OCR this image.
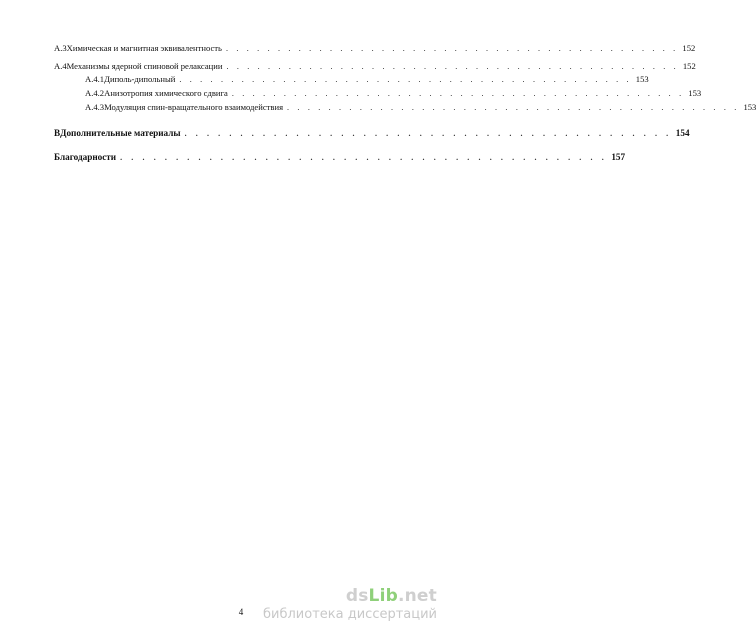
A.3 Химическая и магнитная эквивалентность . . . . . . . . . . . . . . . . . . . . . . . . . . . . . . . . . . . . . . . . . . . . 152
A.4 Механизмы ядерной спиновой релаксации . . . . . . . . . . . . . . . . . . . . . . . . . . . . . . . . . . . . . . . . . . . . 152
A.4.1 Диполь-дипольный . . . . . . . . . . . . . . . . . . . . . . . . . . . . . . . . . . . . . . . . . . . . 153
A.4.2 Анизотропия химического сдвига . . . . . . . . . . . . . . . . . . . . . . . . . . . . . . . . . . . . . . . . . . . . 153
A.4.3 Модуляция спин-вращательного взаимодействия . . . . . . . . . . . . . . . . . . . . . . . . . . . . . . . . . . . . . . . . . . . . 153
B Дополнительные материалы . . . . . . . . . . . . . . . . . . . . . . . . . . . . . . . . . . . . . . . . . . . . 154
Благодарности . . . . . . . . . . . . . . . . . . . . . . . . . . . . . . . . . . . . . . . . . . . . 157
4
dsLib.net
библиотека диссертаций
